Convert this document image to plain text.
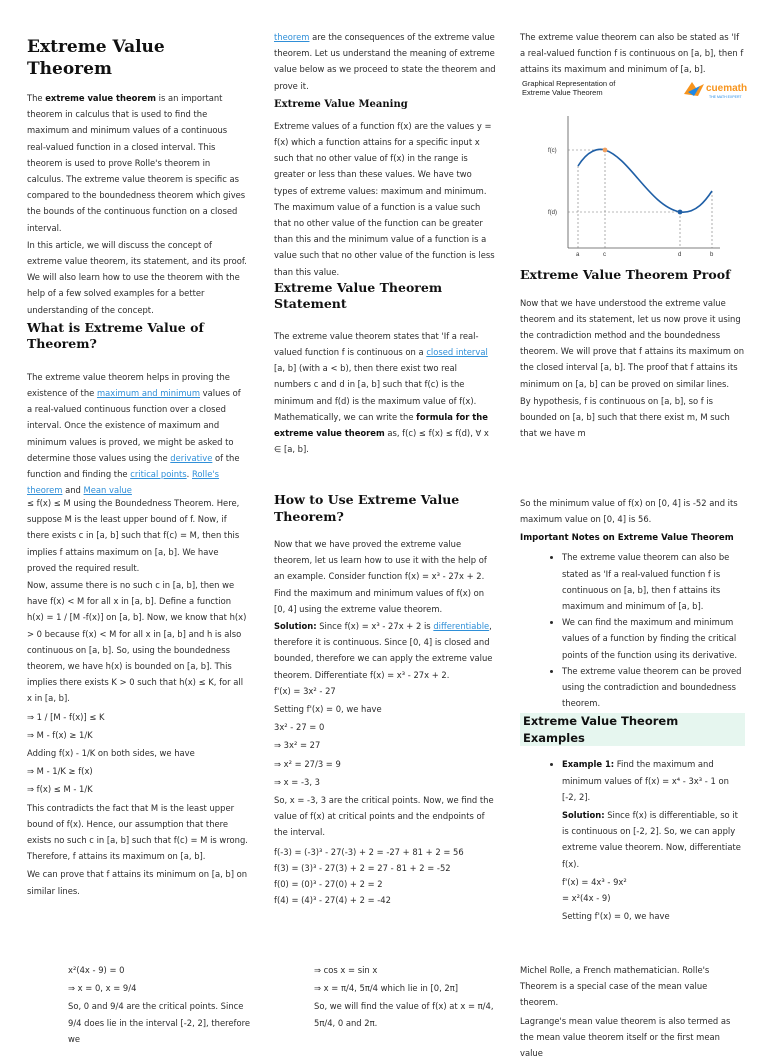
Extreme Value Theorem

The extreme value theorem is an important theorem in calculus that is used to find the maximum and minimum values of a continuous real-valued function in a closed interval. This theorem is used to prove Rolle's theorem in calculus. The extreme value theorem is specific as compared to the boundedness theorem which gives the bounds of the continuous function on a closed interval.

In this article, we will discuss the concept of extreme value theorem, its statement, and its proof. We will also learn how to use the theorem with the help of a few solved examples for a better understanding of the concept.

What is Extreme Value of Theorem?

The extreme value theorem helps in proving the existence of the maximum and minimum values of a real-valued continuous function over a closed interval. Once the existence of maximum and minimum values is proved, we might be asked to determine those values using the derivative of the function and finding the critical points. Rolle's theorem and Mean value

theorem are the consequences of the extreme value theorem. Let us understand the meaning of extreme value below as we proceed to state the theorem and prove it.

Extreme Value Meaning

Extreme values of a function f(x) are the values y = f(x) which a function attains for a specific input x such that no other value of f(x) in the range is greater or less than these values. We have two types of extreme values: maximum and minimum. The maximum value of a function is a value such that no other value of the function can be greater than this and the minimum value of a function is a value such that no other value of the function is less than this value.

Extreme Value Theorem Statement

The extreme value theorem states that 'If a real-valued function f is continuous on a closed interval [a, b] (with a < b), then there exist two real numbers c and d in [a, b] such that f(c) is the minimum and f(d) is the maximum value of f(x). Mathematically, we can write the formula for the extreme value theorem as, f(c) ≤ f(x) ≤ f(d), ∀ x ∈ [a, b].

The extreme value theorem can also be stated as 'If a real-valued function f is continuous on [a, b], then f attains its maximum and minimum of [a, b].

Graphical Representation of
Extreme Value Theorem	cuemath
THE MATH EXPERT
f(c)
f(d)
a	c	d	b
Extreme Value Theorem Proof

Now that we have understood the extreme value theorem and its statement, let us now prove it using the contradiction method and the boundedness theorem. We will prove that f attains its maximum on the closed interval [a, b]. The proof that f attains its minimum on [a, b] can be proved on similar lines.

By hypothesis, f is continuous on [a, b], so f is bounded on [a, b] such that there exist m, M such that we have m

≤ f(x) ≤ M using the Boundedness Theorem. Here, suppose M is the least upper bound of f. Now, if there exists c in [a, b] such that f(c) = M, then this implies f attains maximum on [a, b]. We have proved the required result.

Now, assume there is no such c in [a, b], then we have f(x) < M for all x in [a, b]. Define a function h(x) = 1 / [M -f(x)] on [a, b]. Now, we know that h(x) > 0 because f(x) < M for all x in [a, b] and h is also continuous on [a, b]. So, using the boundedness theorem, we have h(x) is bounded on [a, b]. This implies there exists K > 0 such that h(x) ≤ K, for all x in [a, b].

⇒ 1 / [M - f(x)] ≤ K

⇒ M - f(x) ≥ 1/K

Adding f(x) - 1/K on both sides, we have

⇒ M - 1/K ≥ f(x)

⇒ f(x) ≤ M - 1/K

This contradicts the fact that M is the least upper bound of f(x). Hence, our assumption that there exists no such c in [a, b] such that f(c) = M is wrong. Therefore, f attains its maximum on [a, b].

We can prove that f attains its minimum on [a, b] on similar lines.

How to Use Extreme Value Theorem?

Now that we have proved the extreme value theorem, let us learn how to use it with the help of an example. Consider function f(x) = x³ - 27x + 2. Find the maximum and minimum values of f(x) on [0, 4] using the extreme value theorem.

Solution: Since f(x) = x³ - 27x + 2 is differentiable, therefore it is continuous. Since [0, 4] is closed and bounded, therefore we can apply the extreme value theorem. Differentiate f(x) = x³ - 27x + 2.

f'(x) = 3x² - 27

Setting f'(x) = 0, we have

3x² - 27 = 0

⇒ 3x² = 27

⇒ x² = 27/3 = 9

⇒ x = -3, 3

So, x = -3, 3 are the critical points. Now, we find the value of f(x) at critical points and the endpoints of the interval.

f(-3) = (-3)³ - 27(-3) + 2 = -27 + 81 + 2 = 56

f(3) = (3)³ - 27(3) + 2 = 27 - 81 + 2 = -52

f(0) = (0)³ - 27(0) + 2 = 2

f(4) = (4)³ - 27(4) + 2 = -42

So the minimum value of f(x) on [0, 4] is -52 and its maximum value on [0, 4] is 56.

Important Notes on Extreme Value Theorem
• The extreme value theorem can also be stated as 'If a real-valued function f is continuous on [a, b], then f attains its maximum and minimum of [a, b].
• We can find the maximum and minimum values of a function by finding the critical points of the function using its derivative.
• The extreme value theorem can be proved using the contradiction and boundedness theorem.
Extreme Value Theorem Examples
• Example 1: Find the maximum and minimum values of f(x) = x⁴ - 3x³ - 1 on [-2, 2].
Solution: Since f(x) is differentiable, so it is continuous on [-2, 2]. So, we can apply extreme value theorem. Now, differentiate f(x).
f'(x) = 4x³ - 9x²
= x²(4x - 9)
Setting f'(x) = 0, we have

x²(4x - 9) = 0

⇒ x = 0, x = 9/4

So, 0 and 9/4 are the critical points. Since 9/4 does lie in the interval [-2, 2], therefore we

⇒ cos x = sin x

⇒ x = π/4, 5π/4 which lie in [0, 2π]

So, we will find the value of f(x) at x = π/4, 5π/4, 0 and 2π.

Michel Rolle, a French mathematician. Rolle's Theorem is a special case of the mean value theorem.

Lagrange's mean value theorem is also termed as the mean value theorem itself or the first mean value
